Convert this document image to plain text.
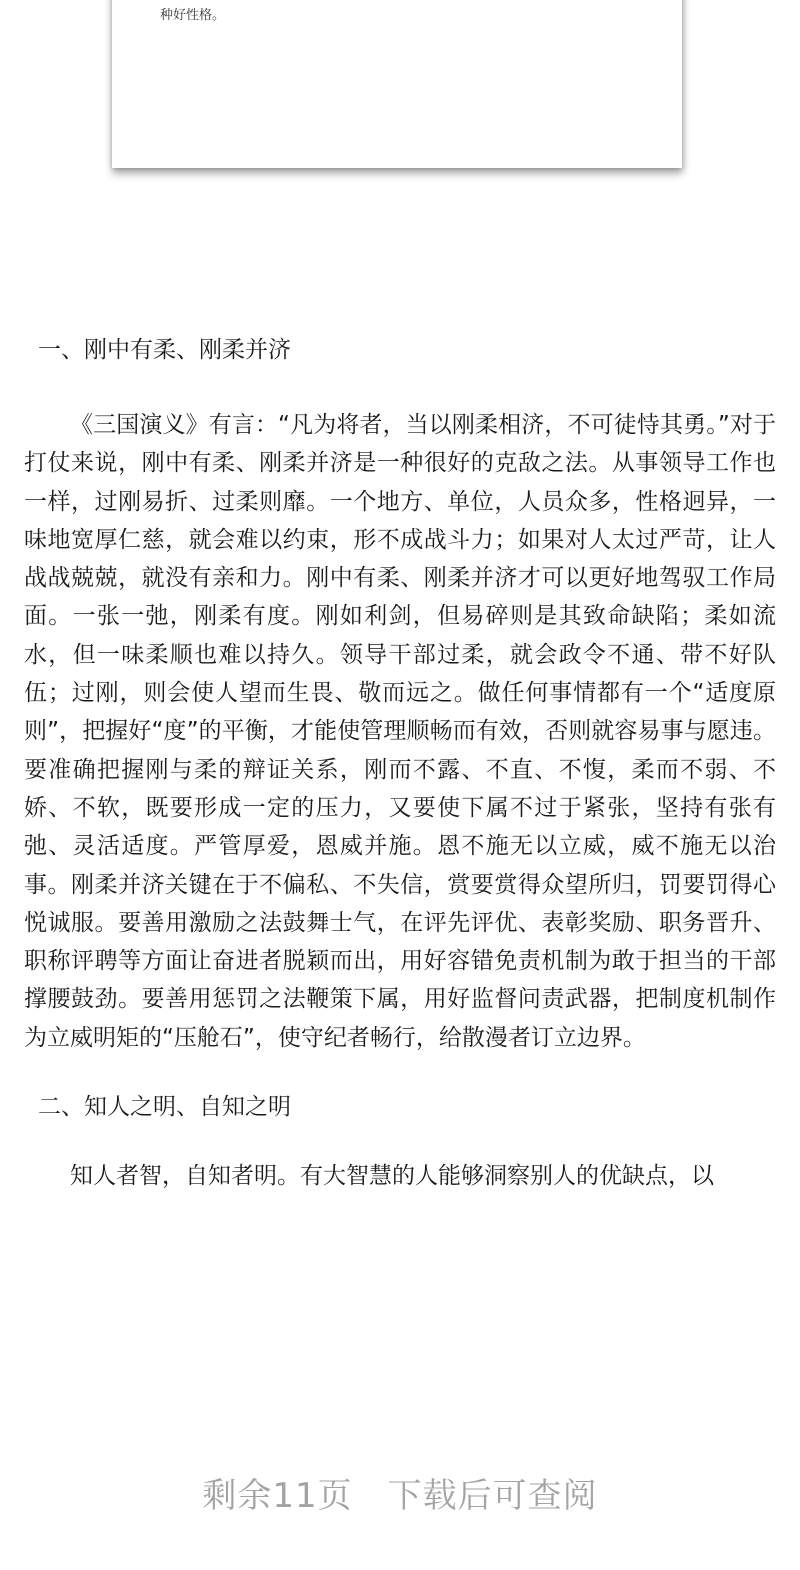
种好性格。
一、刚中有柔、刚柔并济

《三国演义》有言：“凡为将者，当以刚柔相济，不可徒恃其勇。”对于打仗来说，刚中有柔、刚柔并济是一种很好的克敌之法。从事领导工作也一样，过刚易折、过柔则靡。一个地方、单位，人员众多，性格迥异，一味地宽厚仁慈，就会难以约束，形不成战斗力；如果对人太过严苛，让人战战兢兢，就没有亲和力。刚中有柔、刚柔并济才可以更好地驾驭工作局面。一张一弛，刚柔有度。刚如利剑，但易碎则是其致命缺陷；柔如流水，但一味柔顺也难以持久。领导干部过柔，就会政令不通、带不好队伍；过刚，则会使人望而生畏、敬而远之。做任何事情都有一个“适度原则”，把握好“度”的平衡，才能使管理顺畅而有效，否则就容易事与愿违。要准确把握刚与柔的辩证关系，刚而不露、不直、不愎，柔而不弱、不娇、不软，既要形成一定的压力，又要使下属不过于紧张，坚持有张有弛、灵活适度。严管厚爱，恩威并施。恩不施无以立威，威不施无以治事。刚柔并济关键在于不偏私、不失信，赏要赏得众望所归，罚要罚得心悦诚服。要善用激励之法鼓舞士气，在评先评优、表彰奖励、职务晋升、职称评聘等方面让奋进者脱颖而出，用好容错免责机制为敢于担当的干部撑腰鼓劲。要善用惩罚之法鞭策下属，用好监督问责武器，把制度机制作为立威明矩的“压舱石”，使守纪者畅行，给散漫者订立边界。

二、知人之明、自知之明

知人者智，自知者明。有大智慧的人能够洞察别人的优缺点，以

剩余11页　下载后可查阅
